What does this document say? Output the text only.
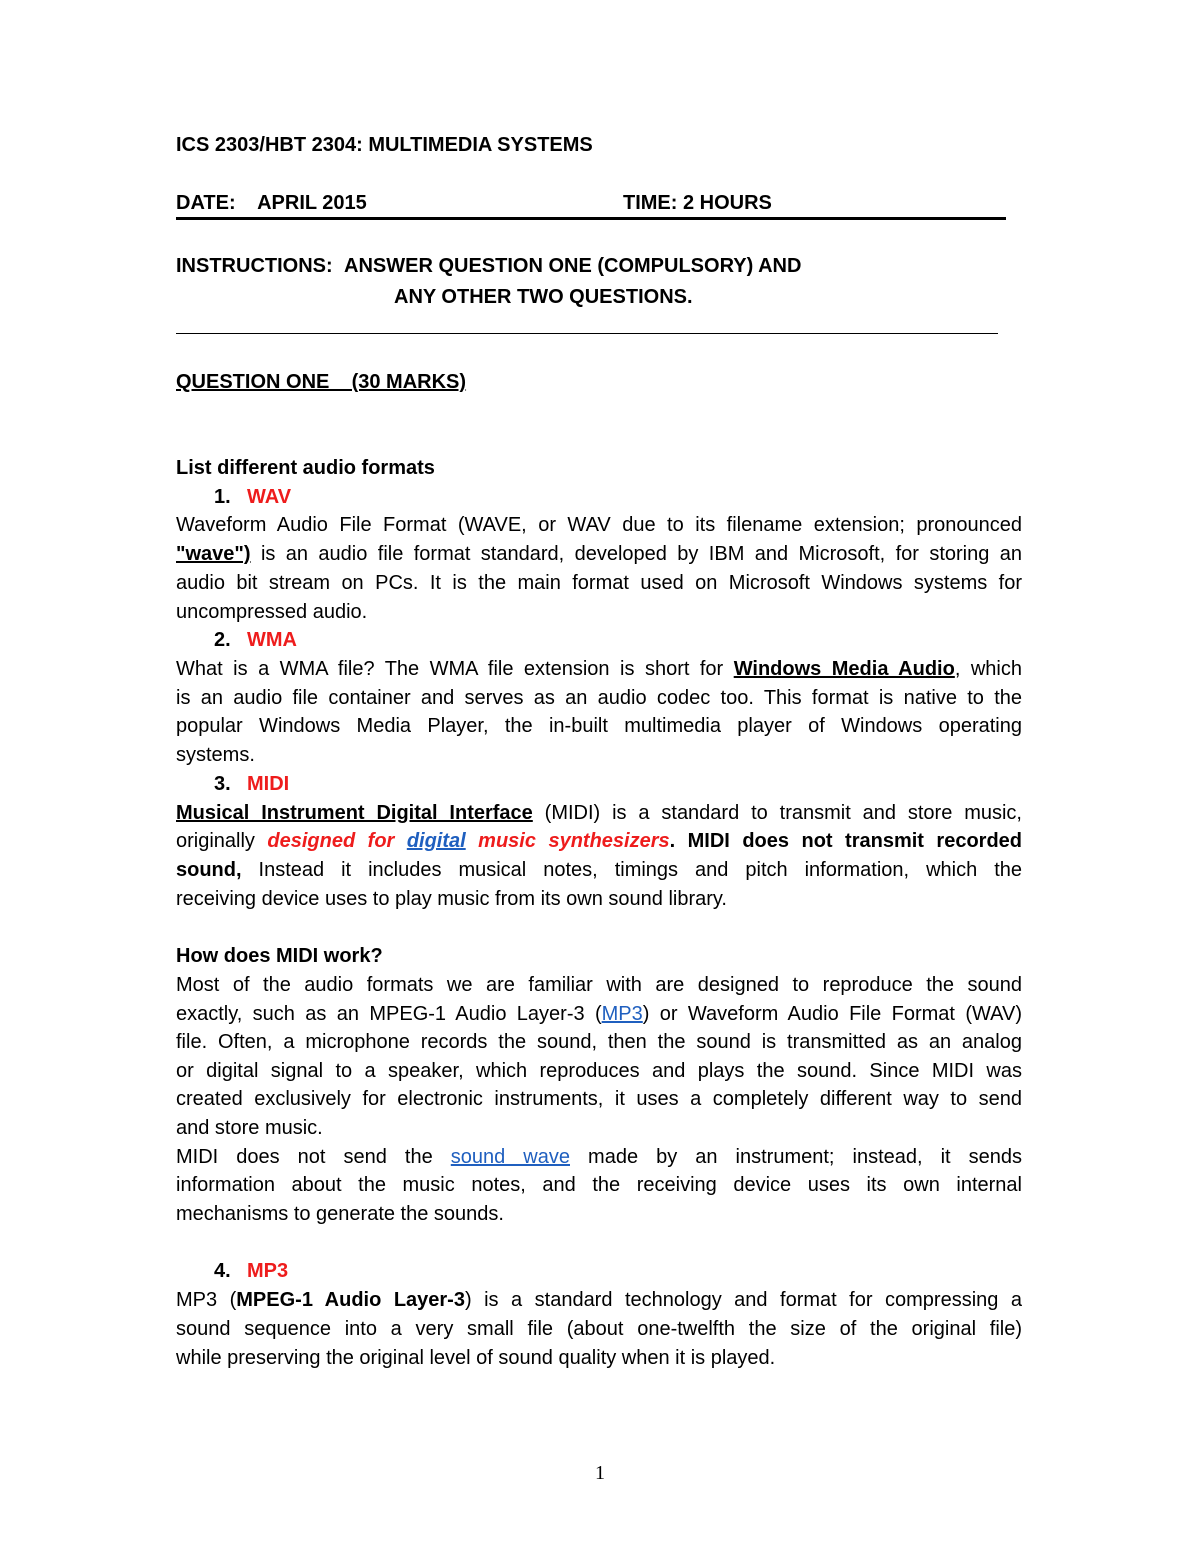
ICS 2303/HBT 2304: MULTIMEDIA SYSTEMS
DATE: APRIL 2015	TIME: 2 HOURS
INSTRUCTIONS: ANSWER QUESTION ONE (COMPULSORY) AND
ANY OTHER TWO QUESTIONS.
QUESTION ONE    (30 MARKS)
List different audio formats
1. WAV
Waveform Audio File Format (WAVE, or WAV due to its filename extension; pronounced
"wave") is an audio file format standard, developed by IBM and Microsoft, for storing an
audio bit stream on PCs. It is the main format used on Microsoft Windows systems for
uncompressed audio.
2. WMA
What is a WMA file? The WMA file extension is short for Windows Media Audio, which
is an audio file container and serves as an audio codec too. This format is native to the
popular Windows Media Player, the in-built multimedia player of Windows operating
systems.
3. MIDI
Musical Instrument Digital Interface (MIDI) is a standard to transmit and store music,
originally designed for digital music synthesizers. MIDI does not transmit recorded
sound, Instead it includes musical notes, timings and pitch information, which the
receiving device uses to play music from its own sound library.
How does MIDI work?
Most of the audio formats we are familiar with are designed to reproduce the sound
exactly, such as an MPEG-1 Audio Layer-3 (MP3) or Waveform Audio File Format (WAV)
file. Often, a microphone records the sound, then the sound is transmitted as an analog
or digital signal to a speaker, which reproduces and plays the sound. Since MIDI was
created exclusively for electronic instruments, it uses a completely different way to send
and store music.
MIDI does not send the sound wave made by an instrument; instead, it sends
information about the music notes, and the receiving device uses its own internal
mechanisms to generate the sounds.
4. MP3
MP3 (MPEG-1 Audio Layer-3) is a standard technology and format for compressing a
sound sequence into a very small file (about one-twelfth the size of the original file)
while preserving the original level of sound quality when it is played.
1
